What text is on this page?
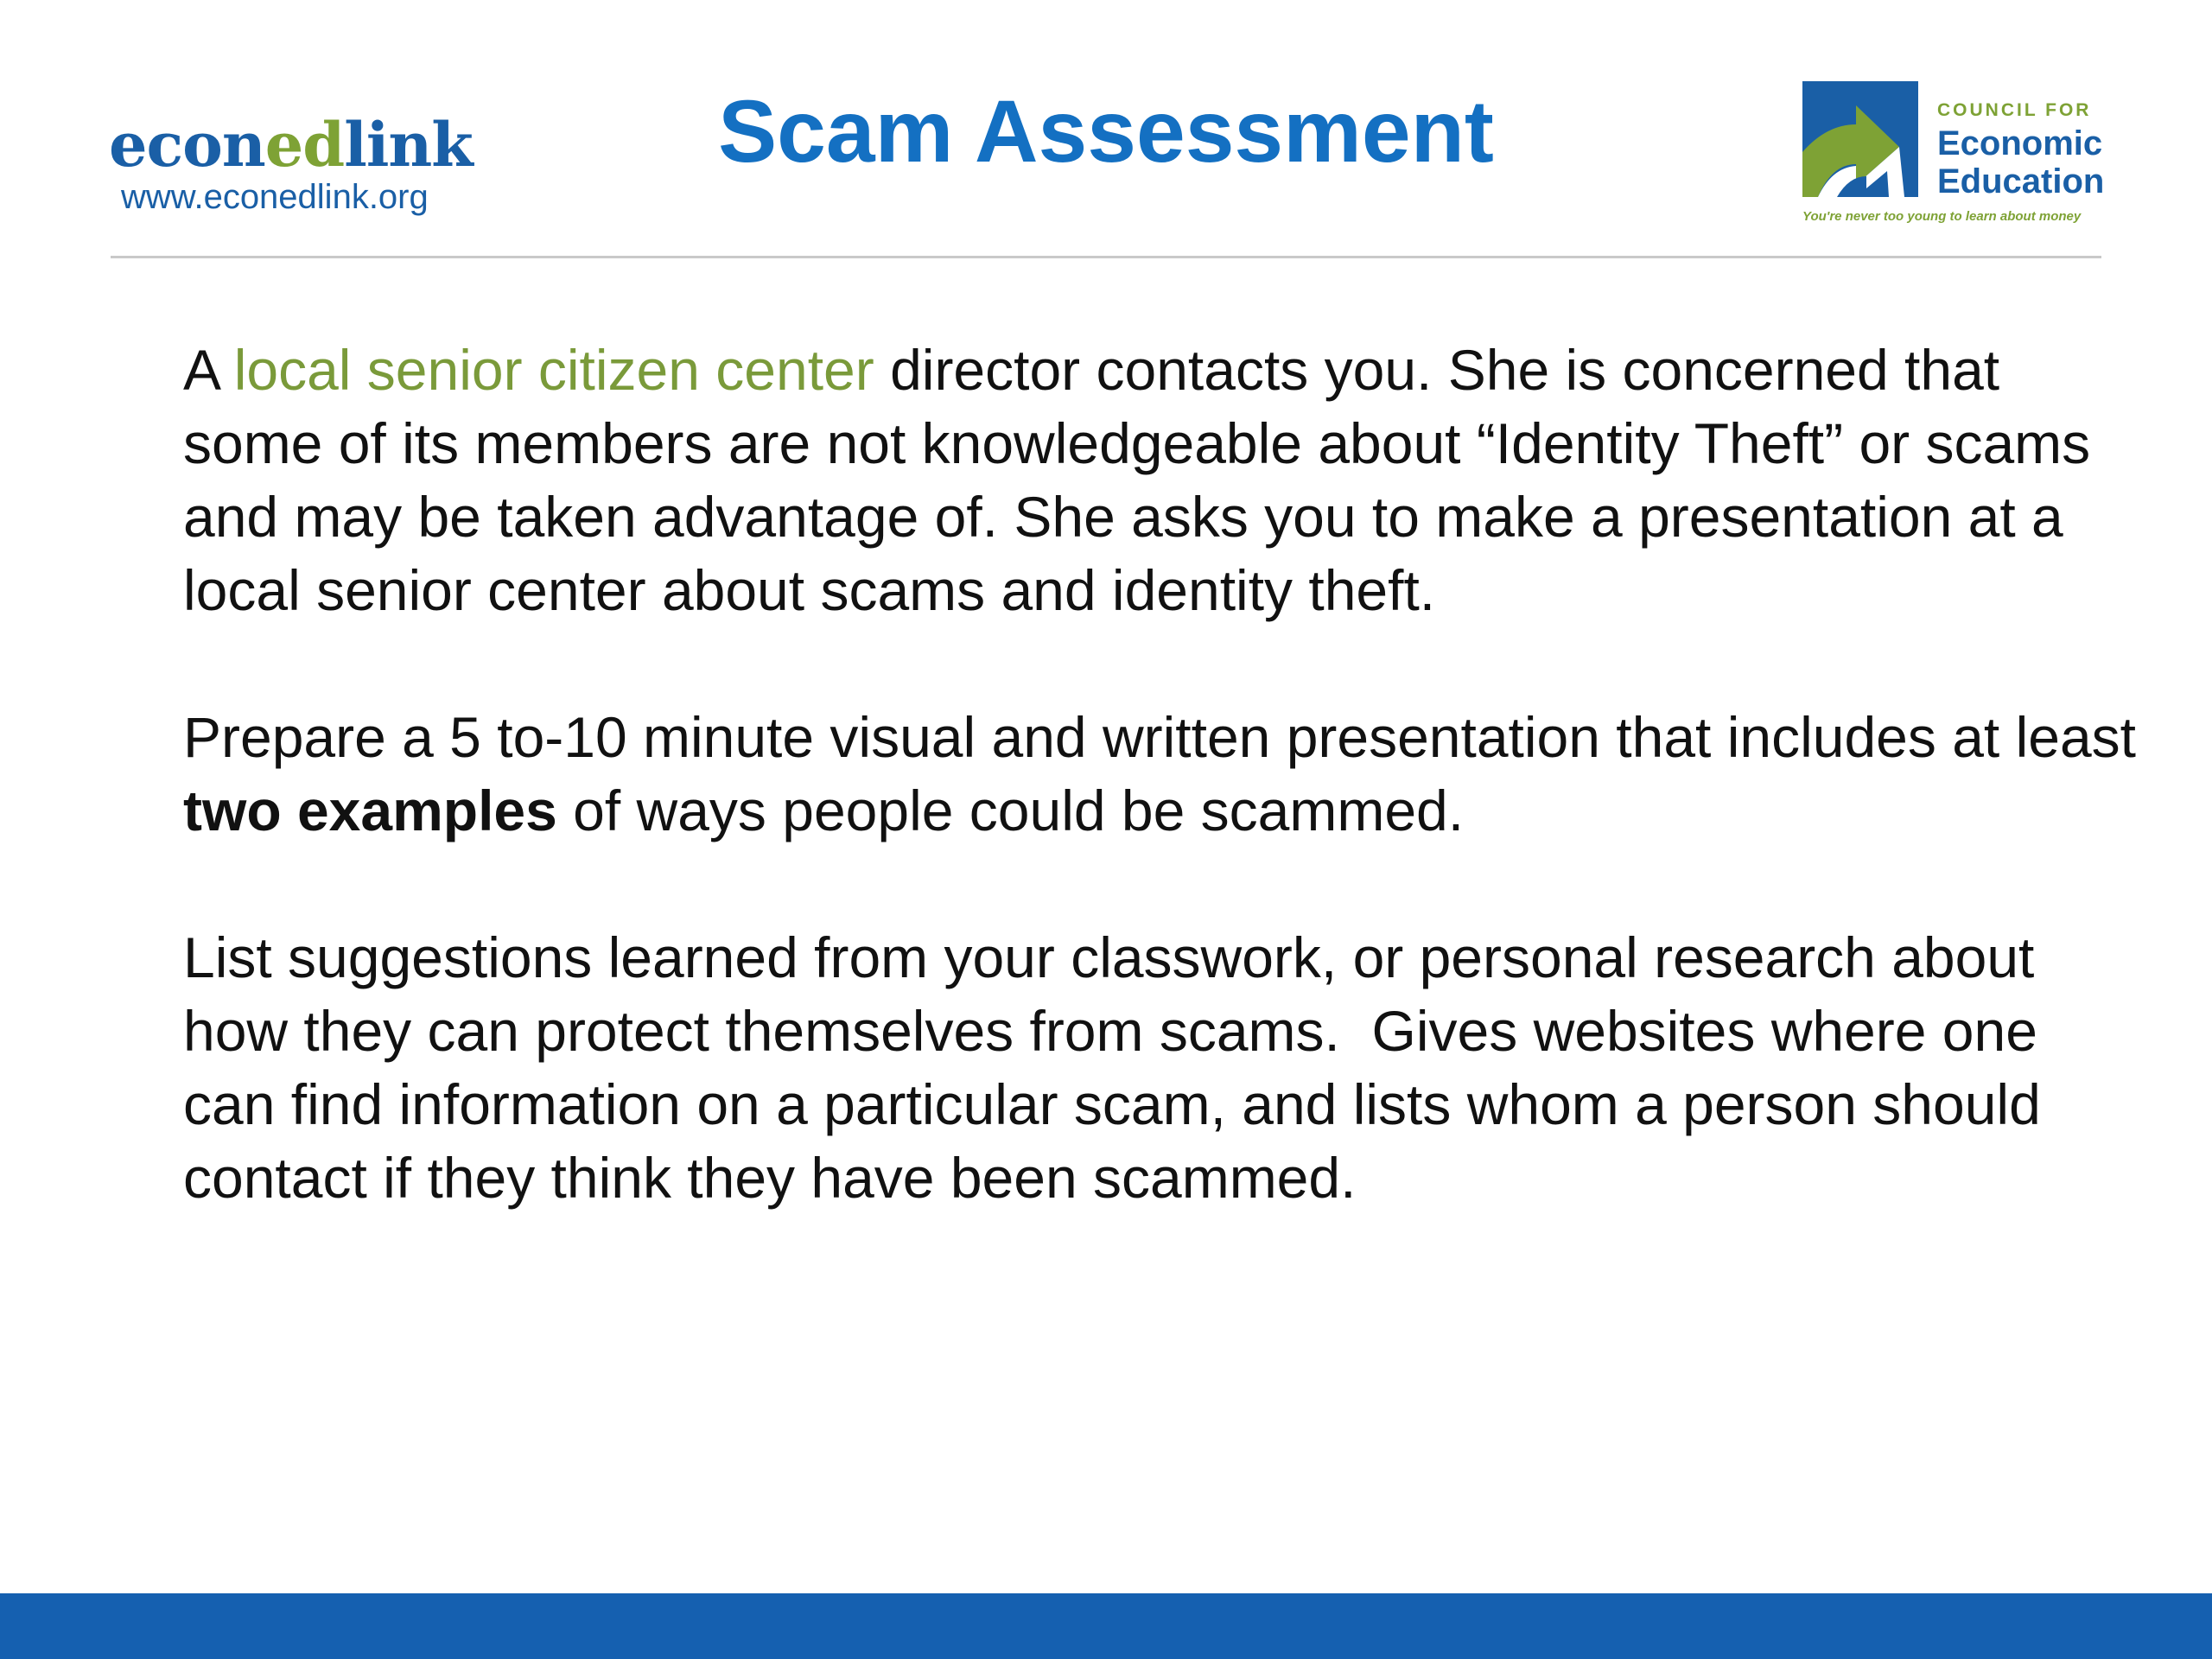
econedlink
www.econedlink.org
Scam Assessment	COUNCIL FOR
Economic
Education
You're never too young to learn about money

A local senior citizen center director contacts you. She is concerned that some of its members are not knowledgeable about “Identity Theft” or scams and may be taken advantage of. She asks you to make a presentation at a local senior center about scams and identity theft.

Prepare a 5 to-10 minute visual and written presentation that includes at least two examples of ways people could be scammed.

List suggestions learned from your classwork, or personal research about how they can protect themselves from scams.  Gives websites where one can find information on a particular scam, and lists whom a person should contact if they think they have been scammed.
